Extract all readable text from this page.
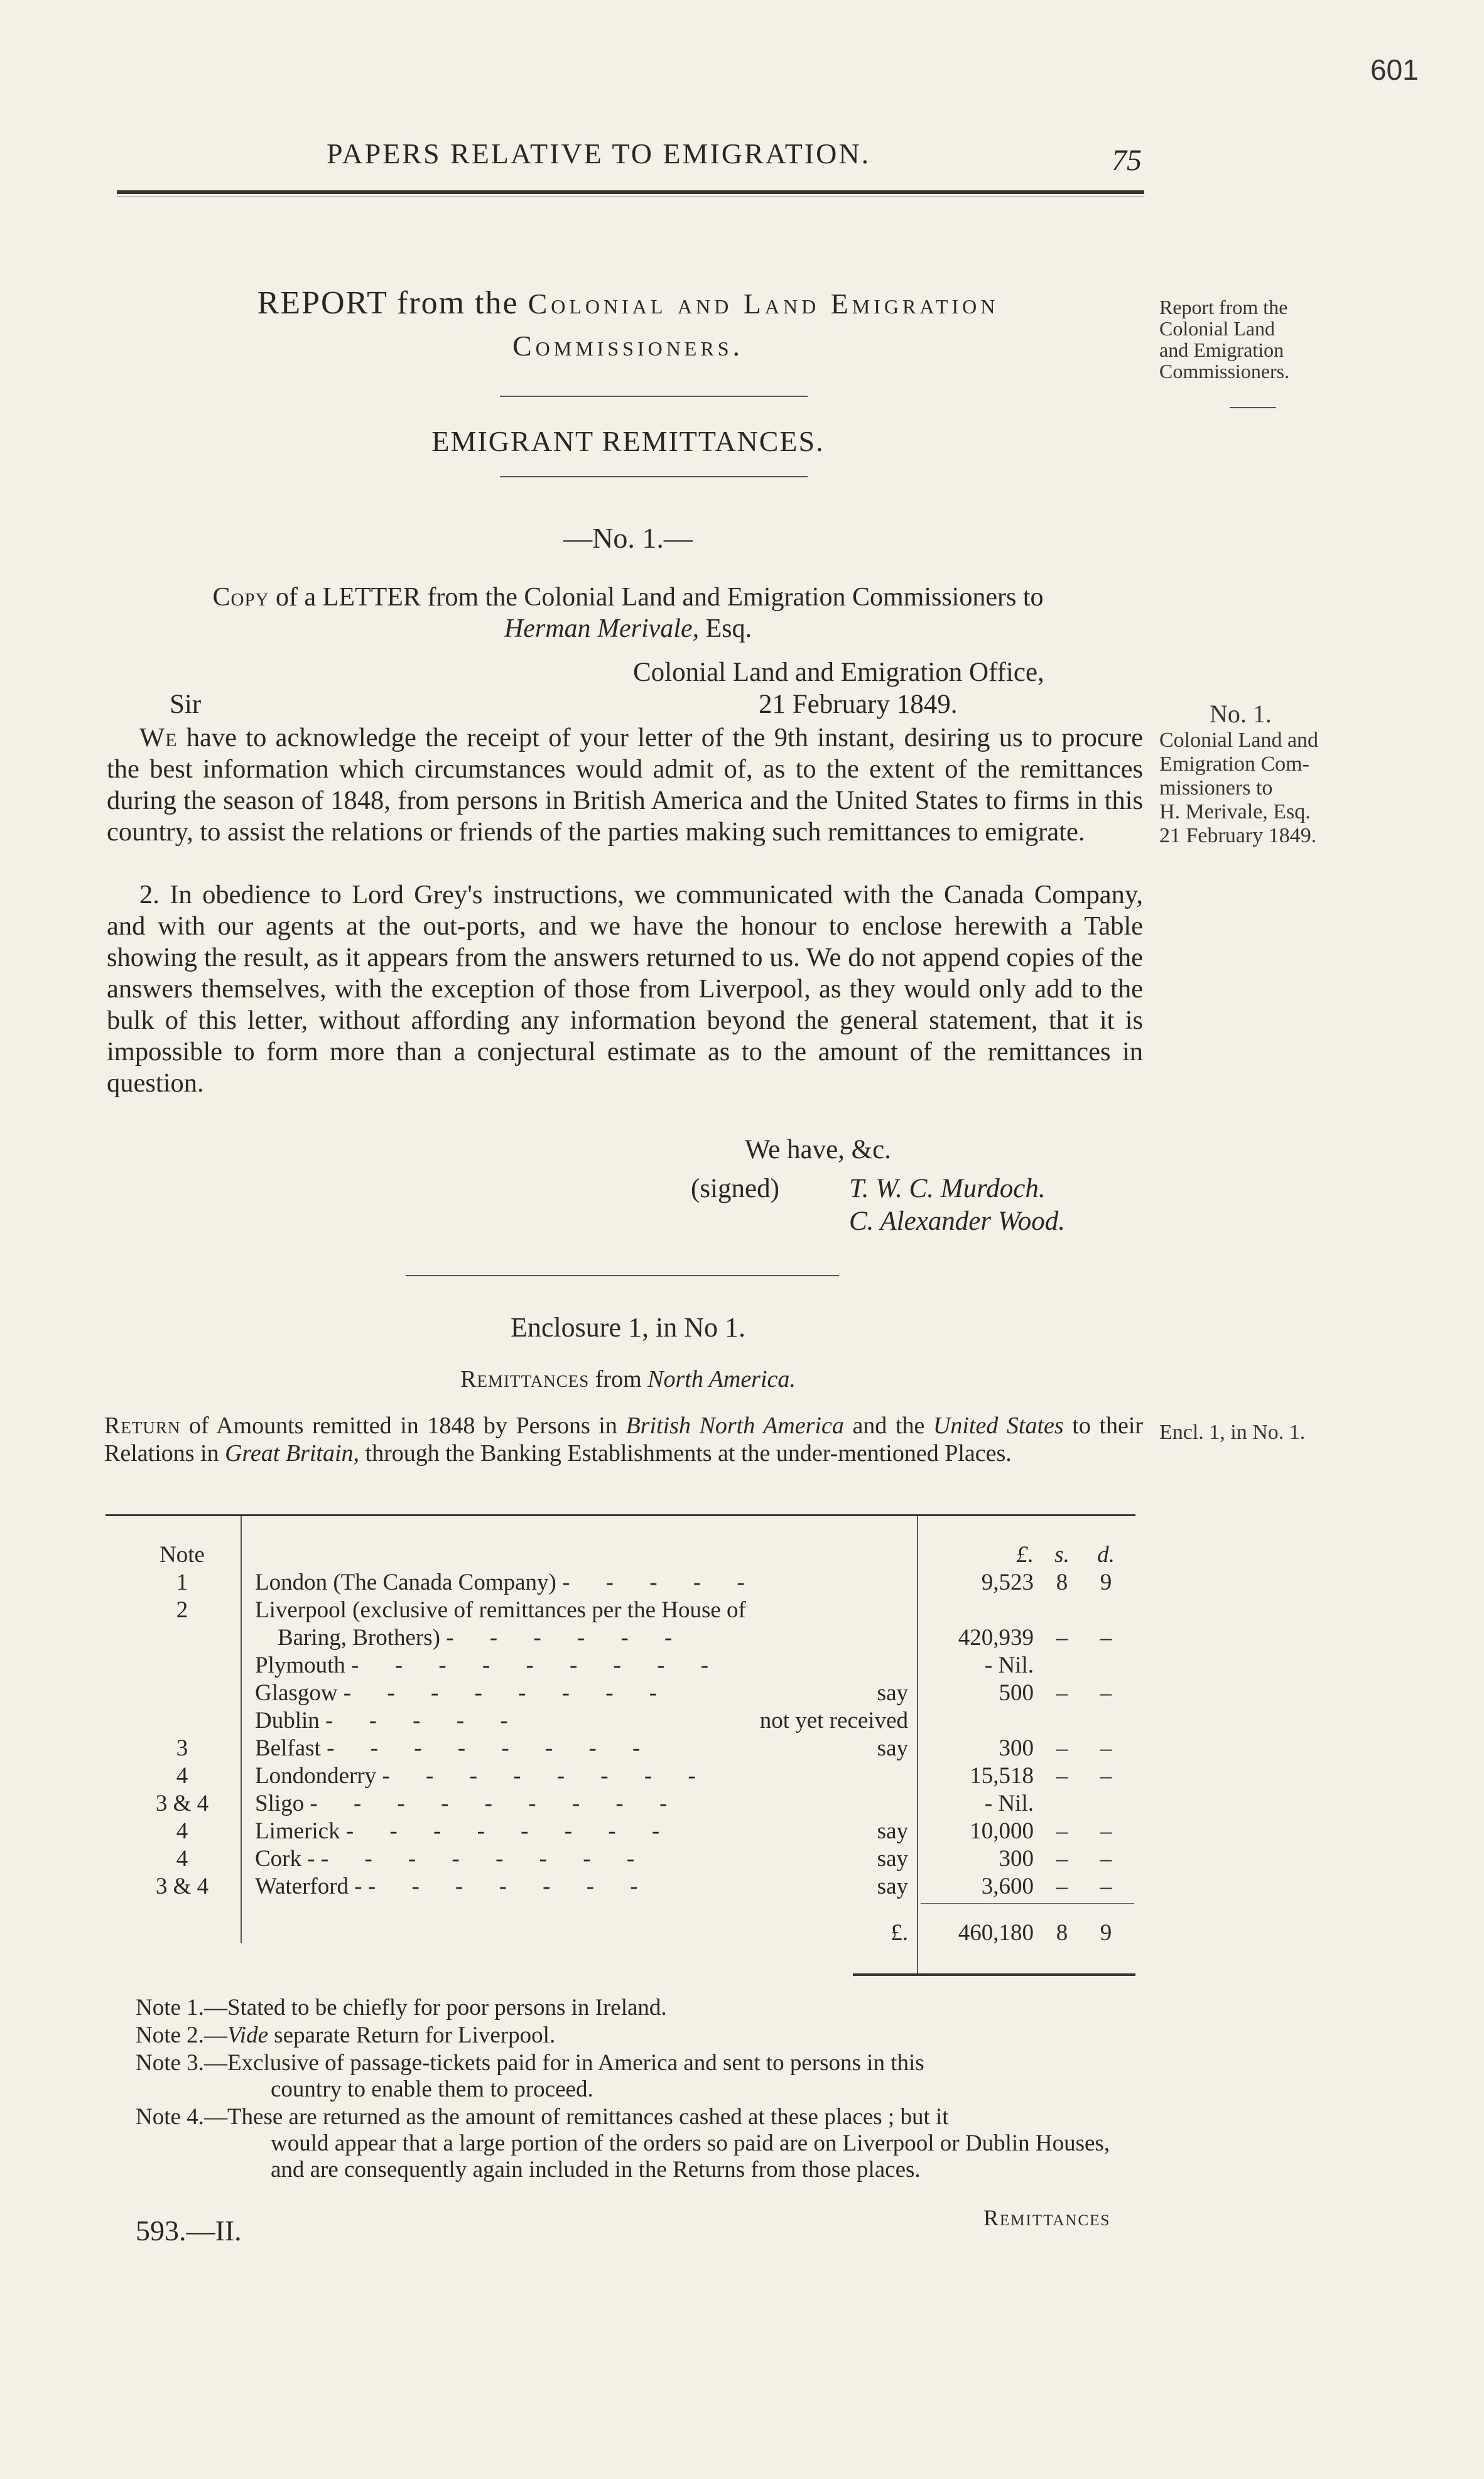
601
PAPERS RELATIVE TO EMIGRATION.	75
REPORT from the Colonial and Land Emigration
Commissioners.
EMIGRANT REMITTANCES.
—No. 1.—
Report from the
Colonial Land
and Emigration
Commissioners.
No. 1.
Colonial Land and
Emigration Com-
missioners to
H. Merivale, Esq.
21 February 1849.
Encl. 1, in No. 1.
Copy of a LETTER from the Colonial Land and Emigration Commissioners to
Herman Merivale, Esq.
Colonial Land and Emigration Office,
Sir	21 February 1849.

We have to acknowledge the receipt of your letter of the 9th instant, desiring us to procure the best information which circumstances would admit of, as to the extent of the remittances during the season of 1848, from persons in British America and the United States to firms in this country, to assist the relations or friends of the parties making such remittances to emigrate.

2. In obedience to Lord Grey's instructions, we communicated with the Canada Company, and with our agents at the out-ports, and we have the honour to enclose herewith a Table showing the result, as it appears from the answers returned to us. We do not append copies of the answers themselves, with the exception of those from Liverpool, as they would only add to the bulk of this letter, without affording any information beyond the general statement, that it is impossible to form more than a conjectural estimate as to the amount of the remittances in question.

We have, &c.
(signed)	T. W. C. Murdoch.
C. Alexander Wood.
Enclosure 1, in No 1.
Remittances from North America.
Return of Amounts remitted in 1848 by Persons in British North America and the United States to their Relations in Great Britain, through the Banking Establishments at the under-mentioned Places.
Note	£. s. d.
1	London (The Canada Company) - - - - -	9,523 8 9
2	Liverpool (exclusive of remittances per the House of
Baring, Brothers) - - - - - -	420,939 – –
Plymouth - - - - - - - - -	- Nil.
Glasgow - - - - - - - -	say	500 – –
Dublin - - - - -	not yet received
3	Belfast - - - - - - - -	say	300 – –
4	Londonderry - - - - - - - -	15,518 – –
3 & 4	Sligo - - - - - - - - -	- Nil.
4	Limerick - - - - - - - -	say	10,000 – –
4	Cork - - - - - - - - -	say	300 – –
3 & 4	Waterford - - - - - - - -	say	3,600 – –
£.	460,180 8 9
Note 1.—Stated to be chiefly for poor persons in Ireland.
Note 2.—Vide separate Return for Liverpool.
Note 3.—Exclusive of passage-tickets paid for in America and sent to persons in this
country to enable them to proceed.
Note 4.—These are returned as the amount of remittances cashed at these places ; but it
would appear that a large portion of the orders so paid are on Liverpool or Dublin Houses, and are consequently again included in the Returns from those places.
593.—II.	Remittances
